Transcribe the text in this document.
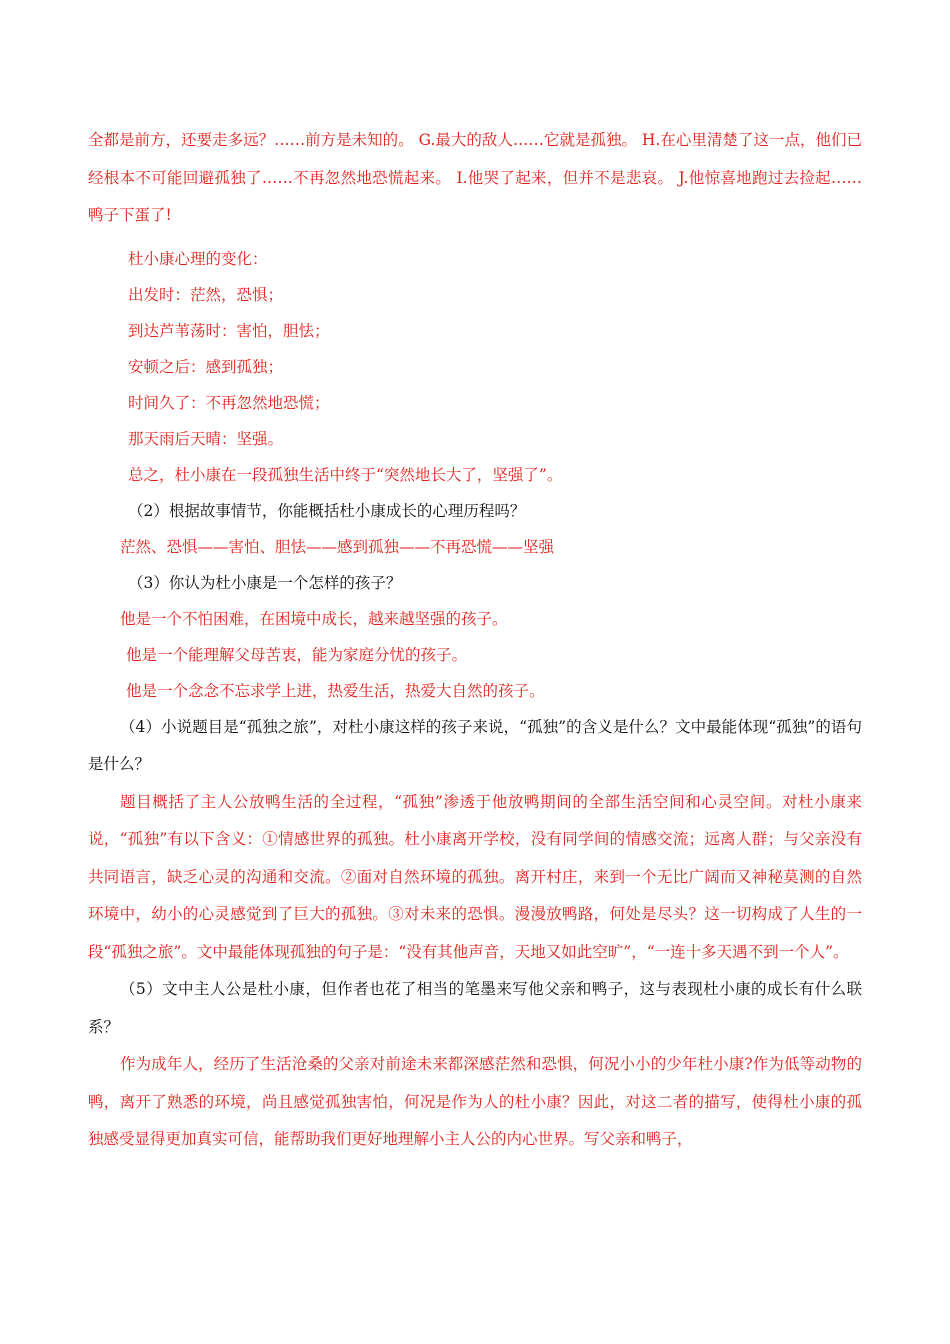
全都是前方，还要走多远？……前方是未知的。 G.最大的敌人……它就是孤独。 H.在心里清楚了这一点，他们已经根本不可能回避孤独了……不再忽然地恐慌起来。 I.他哭了起来，但并不是悲哀。 J.他惊喜地跑过去捡起……鸭子下蛋了!

杜小康心理的变化：

出发时：茫然，恐惧；

到达芦苇荡时：害怕，胆怯；

安顿之后：感到孤独；

时间久了：不再忽然地恐慌；

那天雨后天晴：坚强。

总之，杜小康在一段孤独生活中终于“突然地长大了，坚强了”。

（2）根据故事情节，你能概括杜小康成长的心理历程吗？

茫然、恐惧——害怕、胆怯——感到孤独——不再恐慌——坚强

（3）你认为杜小康是一个怎样的孩子？

他是一个不怕困难，在困境中成长，越来越坚强的孩子。

他是一个能理解父母苦衷，能为家庭分忧的孩子。

他是一个念念不忘求学上进，热爱生活，热爱大自然的孩子。

（4）小说题目是“孤独之旅”，对杜小康这样的孩子来说，“孤独”的含义是什么？文中最能体现“孤独”的语句是什么？

题目概括了主人公放鸭生活的全过程，“孤独”渗透于他放鸭期间的全部生活空间和心灵空间。对杜小康来说，“孤独”有以下含义：①情感世界的孤独。杜小康离开学校，没有同学间的情感交流；远离人群；与父亲没有共同语言，缺乏心灵的沟通和交流。②面对自然环境的孤独。离开村庄，来到一个无比广阔而又神秘莫测的自然环境中，幼小的心灵感觉到了巨大的孤独。③对未来的恐惧。漫漫放鸭路，何处是尽头？这一切构成了人生的一段“孤独之旅”。文中最能体现孤独的句子是：“没有其他声音，天地又如此空旷”，“一连十多天遇不到一个人”。

（5）文中主人公是杜小康，但作者也花了相当的笔墨来写他父亲和鸭子，这与表现杜小康的成长有什么联系？

作为成年人，经历了生活沧桑的父亲对前途未来都深感茫然和恐惧，何况小小的少年杜小康?作为低等动物的鸭，离开了熟悉的环境，尚且感觉孤独害怕，何况是作为人的杜小康？因此，对这二者的描写，使得杜小康的孤独感受显得更加真实可信，能帮助我们更好地理解小主人公的内心世界。写父亲和鸭子，
